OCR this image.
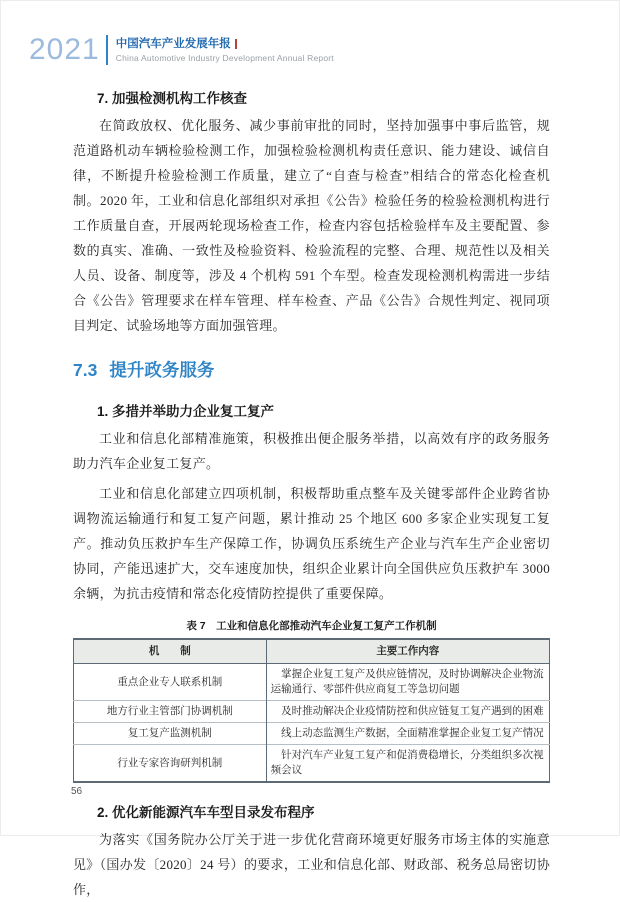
2021 中国汽车产业发展年报
China Automotive Industry Development Annual Report
7. 加强检测机构工作核查

在简政放权、优化服务、减少事前审批的同时，坚持加强事中事后监管，规范道路机动车辆检验检测工作，加强检验检测机构责任意识、能力建设、诚信自律，不断提升检验检测工作质量，建立了“自查与检查”相结合的常态化检查机制。2020 年，工业和信息化部组织对承担《公告》检验任务的检验检测机构进行工作质量自查，开展两轮现场检查工作，检查内容包括检验样车及主要配置、参数的真实、准确、一致性及检验资料、检验流程的完整、合理、规范性以及相关人员、设备、制度等，涉及 4 个机构 591 个车型。检查发现检测机构需进一步结合《公告》管理要求在样车管理、样车检查、产品《公告》合规性判定、视同项目判定、试验场地等方面加强管理。

7.3 提升政务服务
1. 多措并举助力企业复工复产

工业和信息化部精准施策，积极推出便企服务举措，以高效有序的政务服务助力汽车企业复工复产。

工业和信息化部建立四项机制，积极帮助重点整车及关键零部件企业跨省协调物流运输通行和复工复产问题，累计推动 25 个地区 600 多家企业实现复工复产。推动负压救护车生产保障工作，协调负压系统生产企业与汽车生产企业密切协同，产能迅速扩大，交车速度加快，组织企业累计向全国供应负压救护车 3000 余辆，为抗击疫情和常态化疫情防控提供了重要保障。

表 7　工业和信息化部推动汽车企业复工复产工作机制
机　　制	主要工作内容
重点企业专人联系机制	掌握企业复工复产及供应链情况，及时协调解决企业物流运输通行、零部件供应商复工等急切问题
地方行业主管部门协调机制	及时推动解决企业疫情防控和供应链复工复产遇到的困难
复工复产监测机制	线上动态监测生产数据，全面精准掌握企业复工复产情况
行业专家咨询研判机制	针对汽车产业复工复产和促消费稳增长，分类组织多次视频会议
2. 优化新能源汽车车型目录发布程序

为落实《国务院办公厅关于进一步优化营商环境更好服务市场主体的实施意见》（国办发〔2020〕24 号）的要求，工业和信息化部、财政部、税务总局密切协作，

56
